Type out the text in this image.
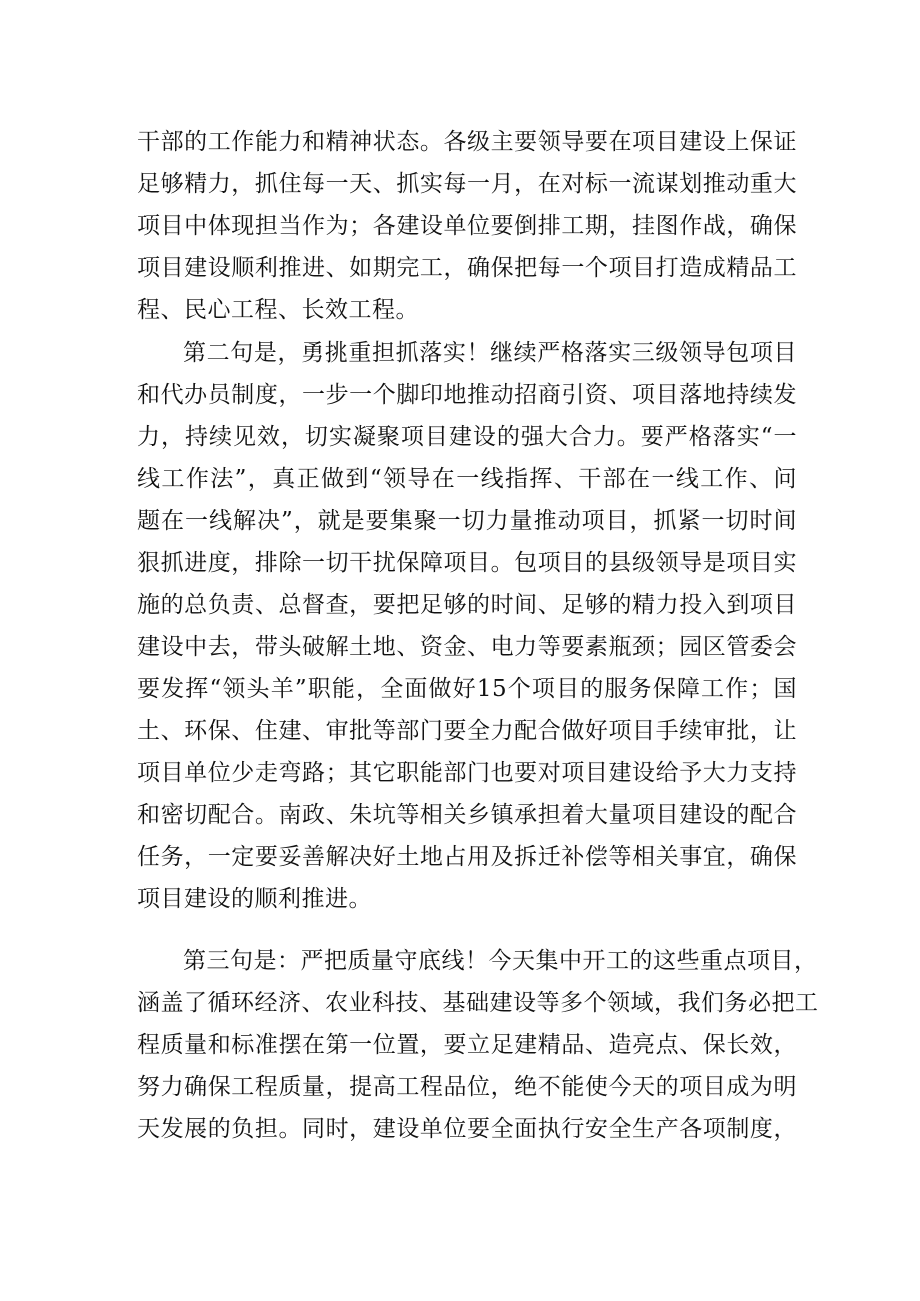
干部的工作能力和精神状态。各级主要领导要在项目建设上保证
足够精力，抓住每一天、抓实每一月，在对标一流谋划推动重大
项目中体现担当作为；各建设单位要倒排工期，挂图作战，确保
项目建设顺利推进、如期完工，确保把每一个项目打造成精品工
程、民心工程、长效工程。
第二句是，勇挑重担抓落实！继续严格落实三级领导包项目
和代办员制度，一步一个脚印地推动招商引资、项目落地持续发
力，持续见效，切实凝聚项目建设的强大合力。要严格落实“一
线工作法”，真正做到“领导在一线指挥、干部在一线工作、问
题在一线解决”，就是要集聚一切力量推动项目，抓紧一切时间
狠抓进度，排除一切干扰保障项目。包项目的县级领导是项目实
施的总负责、总督查，要把足够的时间、足够的精力投入到项目
建设中去，带头破解土地、资金、电力等要素瓶颈；园区管委会
要发挥“领头羊”职能，全面做好15个项目的服务保障工作；国
土、环保、住建、审批等部门要全力配合做好项目手续审批，让
项目单位少走弯路；其它职能部门也要对项目建设给予大力支持
和密切配合。南政、朱坑等相关乡镇承担着大量项目建设的配合
任务，一定要妥善解决好土地占用及拆迁补偿等相关事宜，确保
项目建设的顺利推进。
第三句是：严把质量守底线！今天集中开工的这些重点项目，
涵盖了循环经济、农业科技、基础建设等多个领域，我们务必把工
程质量和标准摆在第一位置，要立足建精品、造亮点、保长效，
努力确保工程质量，提高工程品位，绝不能使今天的项目成为明
天发展的负担。同时，建设单位要全面执行安全生产各项制度，
